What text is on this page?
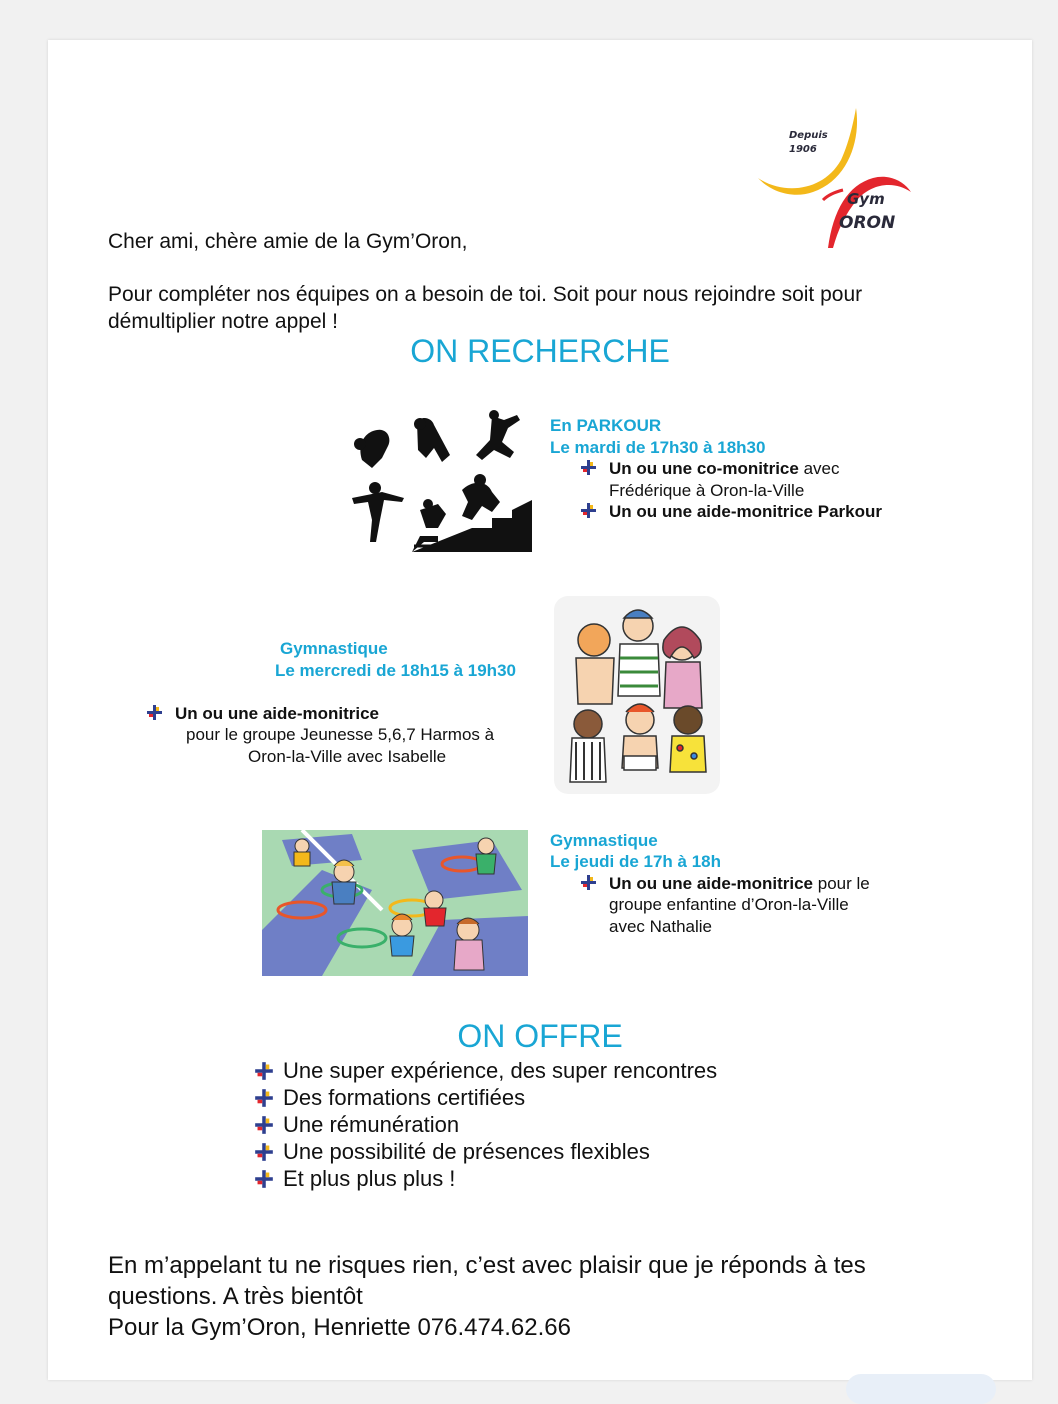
Depuis
1906
Gym
ORON
Cher ami, chère amie de la Gym’Oron,
Pour compléter nos équipes on a besoin de toi. Soit pour nous rejoindre soit pour
démultiplier notre appel !
ON RECHERCHE
En PARKOUR
Le mardi de 17h30 à 18h30
Un ou une co-monitrice avec
Frédérique à Oron-la-Ville
Un ou une aide-monitrice Parkour
Gymnastique
Le mercredi de 18h15 à 19h30
Un ou une aide-monitrice
pour le groupe Jeunesse 5,6,7 Harmos à
Oron-la-Ville avec Isabelle
Gymnastique
Le jeudi de 17h à 18h
Un ou une aide-monitrice pour le
groupe enfantine d’Oron-la-Ville
avec Nathalie
ON OFFRE
Une super expérience, des super rencontres
Des formations certifiées
Une rémunération
Une possibilité de présences flexibles
Et plus plus plus !
En m’appelant tu ne risques rien, c’est avec plaisir que je réponds à tes
questions. A très bientôt
Pour la Gym’Oron, Henriette 076.474.62.66
